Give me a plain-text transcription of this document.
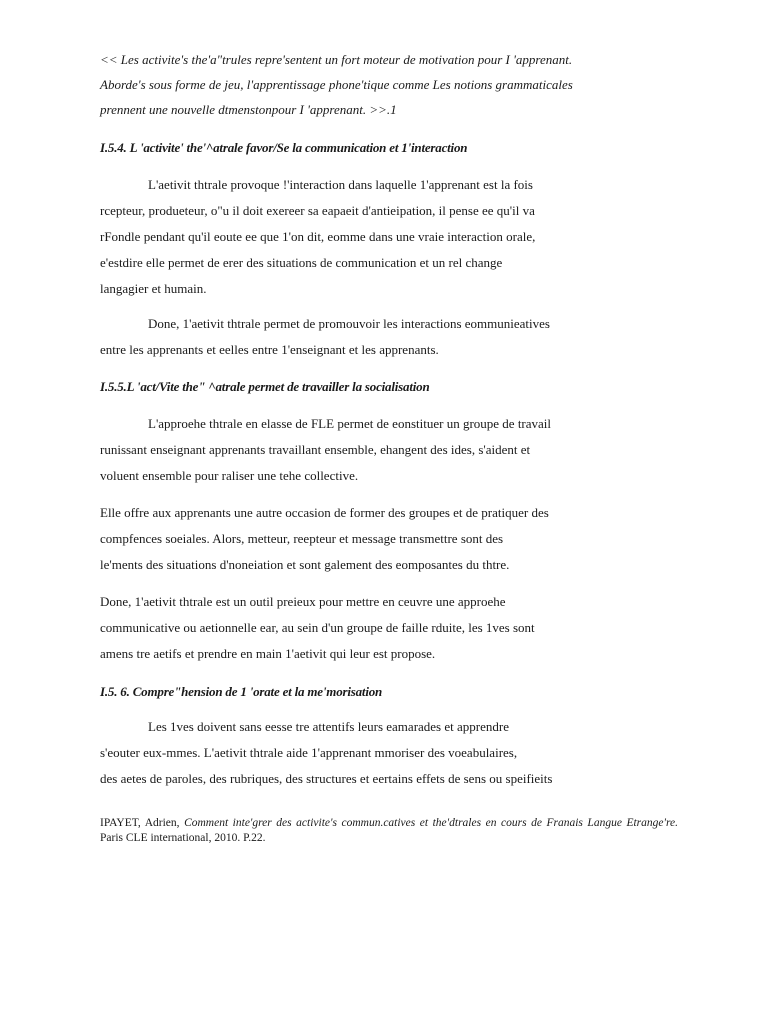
<< Les activite's the'a"trules repre'sentent un fort moteur de motivation pour I 'apprenant.
Aborde's sous forme de jeu, l'apprentissage phone'tique comme Les notions grammaticales
prennent une nouvelle dtmenstonpour I 'apprenant. >>.1
I.5.4. L 'activite' the'^atrale favor/Se la communication et 1'interaction
L'aetivit thtrale provoque !'interaction dans laquelle 1'apprenant est la fois
rcepteur, produeteur, o"u il doit exereer sa eapaeit d'antieipation, il pense ee qu'il va
rFondle pendant qu'il eoute ee que 1'on dit, eomme dans une vraie interaction orale,
e'estdire elle permet de erer des situations de communication et un rel change
langagier et humain.
Done, 1'aetivit thtrale permet de promouvoir les interactions eommunieatives
entre les apprenants et eelles entre 1'enseignant et les apprenants.
I.5.5.L 'act/Vite the" ^atrale permet de travailler la socialisation
L'approehe thtrale en elasse de FLE permet de eonstituer un groupe de travail
runissant enseignant apprenants travaillant ensemble, ehangent des ides, s'aident et
voluent ensemble pour raliser une tehe collective.
Elle offre aux apprenants une autre occasion de former des groupes et de pratiquer des
compfences soeiales. Alors, metteur, reepteur et message transmettre sont des
le'ments des situations d'noneiation et sont galement des eomposantes du thtre.
Done, 1'aetivit thtrale est un outil preieux pour mettre en ceuvre une approehe
communicative ou aetionnelle ear, au sein d'un groupe de faille rduite, les 1ves sont
amens tre aetifs et prendre en main 1'aetivit qui leur est propose.
I.5. 6. Compre"hension de 1 'orate et la me'morisation
Les 1ves doivent sans eesse tre attentifs leurs eamarades et apprendre
s'eouter eux-mmes. L'aetivit thtrale aide 1'apprenant mmoriser des voeabulaires,
des aetes de paroles, des rubriques, des structures et eertains effets de sens ou speifieits
IPAYET, Adrien, Comment inte'grer des activite's commun.catives et the'dtrales en cours de Franais Langue Etrange're. Paris CLE international, 2010. P.22.
